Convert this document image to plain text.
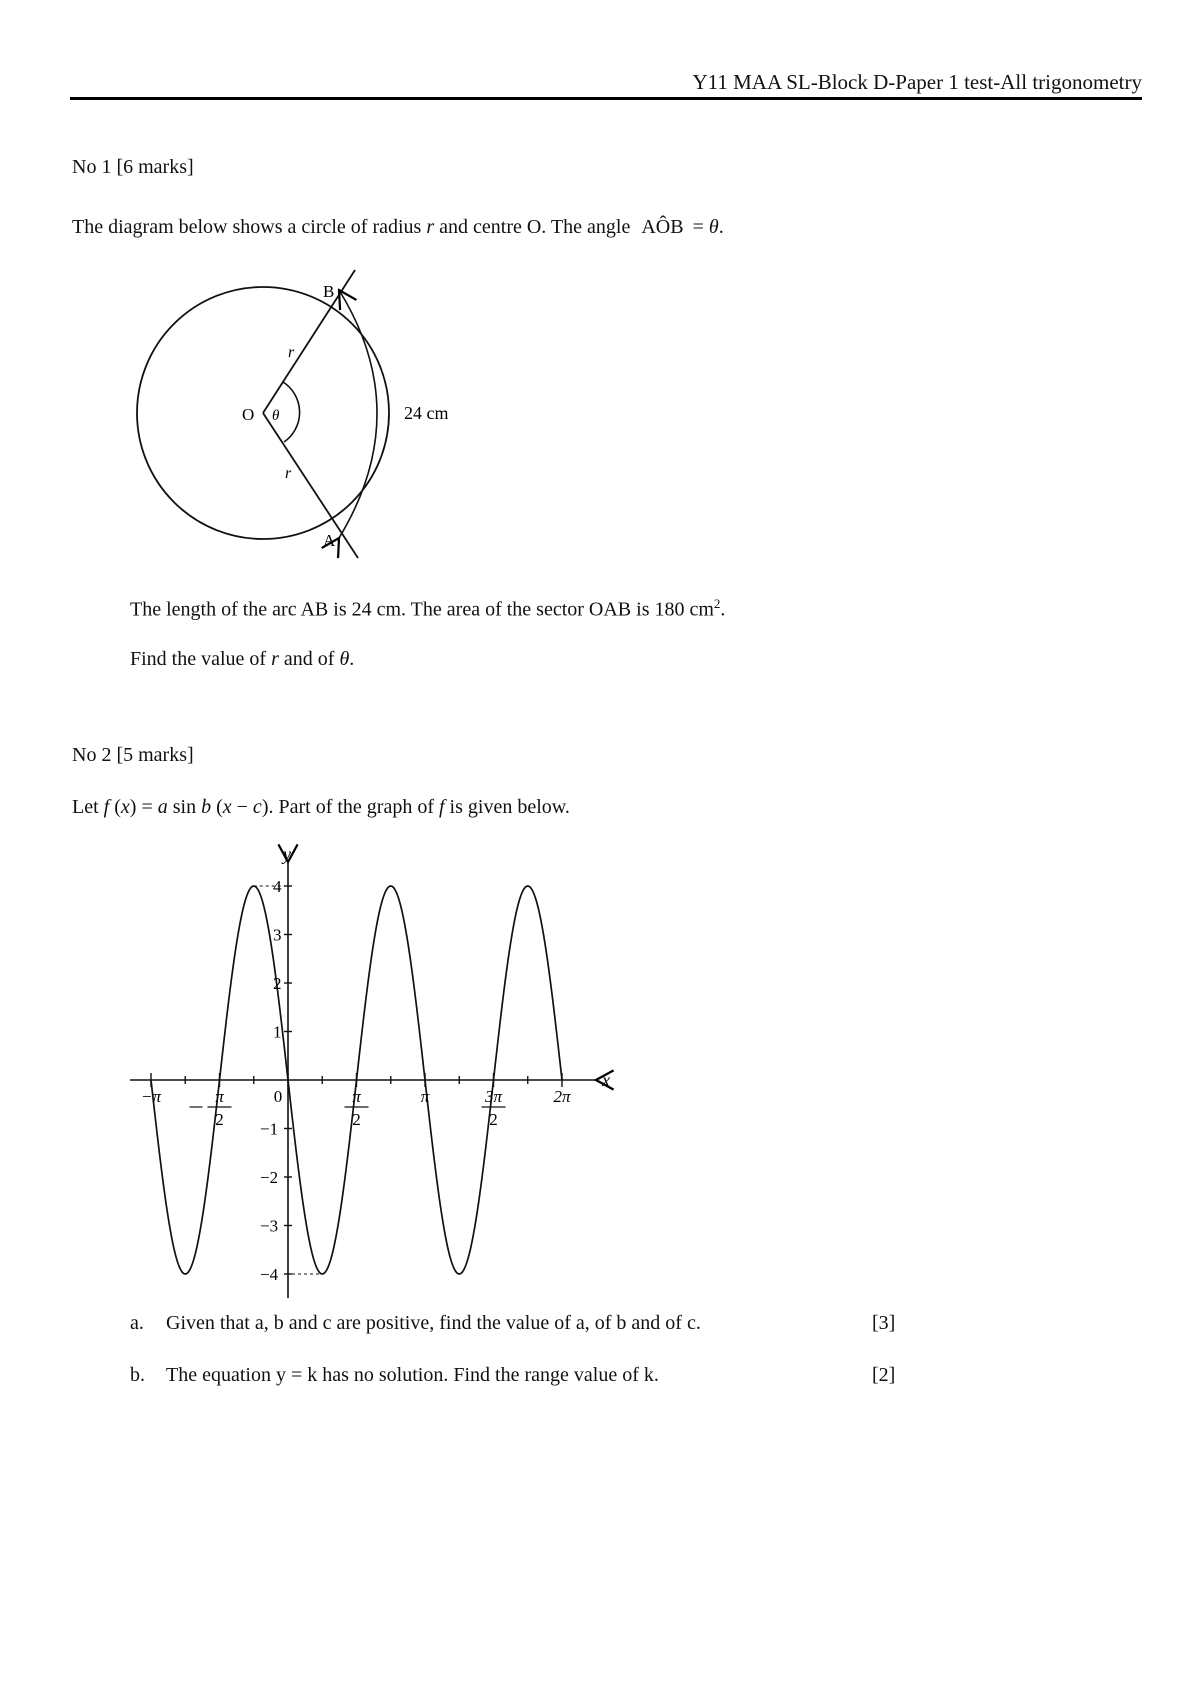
Y11 MAA SL-Block D-Paper 1 test-All trigonometry
No 1 [6 marks]
The diagram below shows a circle of radius r and centre O. The angle AÔB = θ.
The length of the arc AB is 24 cm. The area of the sector OAB is 180 $cm^2$.
Find the value of r and of θ.
No 2 [5 marks]
Let f (x) = a sin b (x − c). Part of the graph of f is given below.
a. Given that a, b and c are positive, find the value of a, of b and of c.	[3]
b. The equation y = k has no solution. Find the range value of k.	[2]
B
A
O
r
r
θ	24 cm
x
y
4
3
2
1
−1
−2
−3
−4
−π	π
2
0	π
2
π	3π
2
2π
